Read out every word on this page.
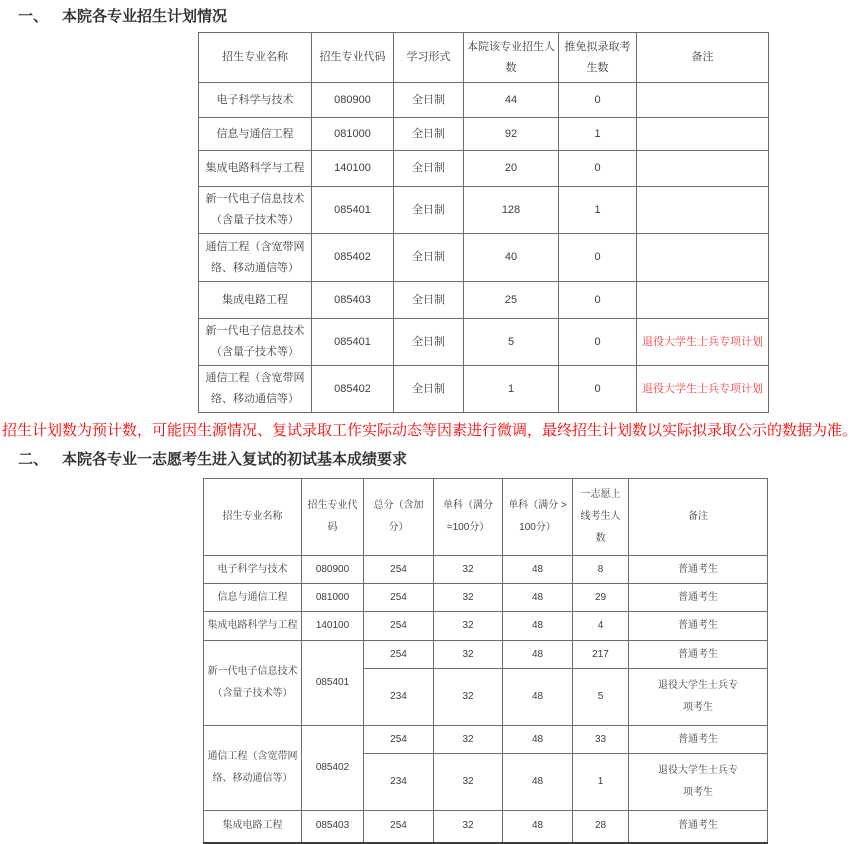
一、 本院各专业招生计划情况
招生专业名称	招生专业代码	学习形式	本院该专业招生人数	推免拟录取考生数	备注
电子科学与技术	080900	全日制	44	0	
信息与通信工程	081000	全日制	92	1	
集成电路科学与工程	140100	全日制	20	0	
新一代电子信息技术（含量子技术等）	085401	全日制	128	1	
通信工程（含宽带网络、移动通信等）	085402	全日制	40	0	
集成电路工程	085403	全日制	25	0	
新一代电子信息技术（含量子技术等）	085401	全日制	5	0	退役大学生士兵专项计划
通信工程（含宽带网络、移动通信等）	085402	全日制	1	0	退役大学生士兵专项计划

招生计划数为预计数，可能因生源情况、复试录取工作实际动态等因素进行微调，最终招生计划数以实际拟录取公示的数据为准。

二、 本院各专业一志愿考生进入复试的初试基本成绩要求
招生专业名称	招生专业代码	总分（含加分）	单科（满分=100分）	单科（满分 > 100分）	一志愿上线考生人数	备注
电子科学与技术	080900	254	32	48	8	普通考生
信息与通信工程	081000	254	32	48	29	普通考生
集成电路科学与工程	140100	254	32	48	4	普通考生
新一代电子信息技术（含量子技术等）	085401	254	32	48	217	普通考生
		234	32	48	5	退役大学生士兵专项考生
通信工程（含宽带网络、移动通信等）	085402	254	32	48	33	普通考生
		234	32	48	1	退役大学生士兵专项考生
集成电路工程	085403	254	32	48	28	普通考生
